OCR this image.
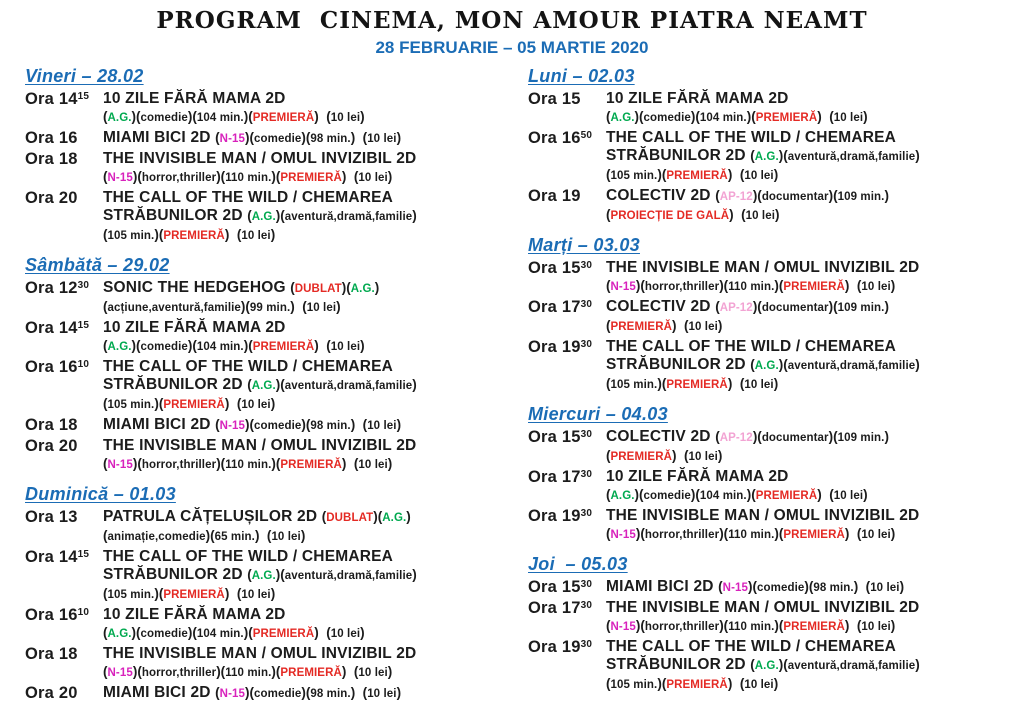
PROGRAM  CINEMA, MON AMOUR PIATRA NEAMT
28 FEBRUARIE – 05 MARTIE 2020
Vineri – 28.02
Ora $14^{15}$ 10 ZILE FĂRĂ MAMA 2D
(A.G.)(comedie)(104 min.)(PREMIERĂ)  (10 lei)
Ora 16	MIAMI BICI 2D (N-15)(comedie)(98 min.)  (10 lei)
Ora 18	THE INVISIBLE MAN / OMUL INVIZIBIL 2D
(N-15)(horror,thriller)(110 min.)(PREMIERĂ)  (10 lei)
Ora 20	THE CALL OF THE WILD / CHEMAREA
STRĂBUNILOR 2D (A.G.)(aventură,dramă,familie)
(105 min.)(PREMIERĂ)  (10 lei)
Sâmbătă – 29.02
Ora $12^{30}$ SONIC THE HEDGEHOG (DUBLAT)(A.G.)
(acțiune,aventură,familie)(99 min.)  (10 lei)
Ora $14^{15}$ 10 ZILE FĂRĂ MAMA 2D
(A.G.)(comedie)(104 min.)(PREMIERĂ)  (10 lei)
Ora $16^{10}$ THE CALL OF THE WILD / CHEMAREA
STRĂBUNILOR 2D (A.G.)(aventură,dramă,familie)
(105 min.)(PREMIERĂ)  (10 lei)
Ora 18	MIAMI BICI 2D (N-15)(comedie)(98 min.)  (10 lei)
Ora 20	THE INVISIBLE MAN / OMUL INVIZIBIL 2D
(N-15)(horror,thriller)(110 min.)(PREMIERĂ)  (10 lei)
Duminică – 01.03
Ora 13	PATRULA CĂȚELUȘILOR 2D (DUBLAT)(A.G.)
(animație,comedie)(65 min.)  (10 lei)
Ora $14^{15}$ THE CALL OF THE WILD / CHEMAREA
STRĂBUNILOR 2D (A.G.)(aventură,dramă,familie)
(105 min.)(PREMIERĂ)  (10 lei)
Ora $16^{10}$ 10 ZILE FĂRĂ MAMA 2D
(A.G.)(comedie)(104 min.)(PREMIERĂ)  (10 lei)
Ora 18	THE INVISIBLE MAN / OMUL INVIZIBIL 2D
(N-15)(horror,thriller)(110 min.)(PREMIERĂ)  (10 lei)
Ora 20	MIAMI BICI 2D (N-15)(comedie)(98 min.)  (10 lei)
Luni – 02.03
Ora 15	10 ZILE FĂRĂ MAMA 2D
(A.G.)(comedie)(104 min.)(PREMIERĂ)  (10 lei)
Ora $16^{50}$ THE CALL OF THE WILD / CHEMAREA
STRĂBUNILOR 2D (A.G.)(aventură,dramă,familie)
(105 min.)(PREMIERĂ)  (10 lei)
Ora 19	COLECTIV 2D (AP-12)(documentar)(109 min.)
(PROIECȚIE DE GALĂ)  (10 lei)
Marți – 03.03
Ora $15^{30}$ THE INVISIBLE MAN / OMUL INVIZIBIL 2D
(N-15)(horror,thriller)(110 min.)(PREMIERĂ)  (10 lei)
Ora $17^{30}$ COLECTIV 2D (AP-12)(documentar)(109 min.)
(PREMIERĂ)  (10 lei)
Ora $19^{30}$ THE CALL OF THE WILD / CHEMAREA
STRĂBUNILOR 2D (A.G.)(aventură,dramă,familie)
(105 min.)(PREMIERĂ)  (10 lei)
Miercuri – 04.03
Ora $15^{30}$ COLECTIV 2D (AP-12)(documentar)(109 min.)
(PREMIERĂ)  (10 lei)
Ora $17^{30}$ 10 ZILE FĂRĂ MAMA 2D
(A.G.)(comedie)(104 min.)(PREMIERĂ)  (10 lei)
Ora $19^{30}$ THE INVISIBLE MAN / OMUL INVIZIBIL 2D
(N-15)(horror,thriller)(110 min.)(PREMIERĂ)  (10 lei)
Joi  – 05.03
Ora $15^{30}$ MIAMI BICI 2D (N-15)(comedie)(98 min.)  (10 lei)
Ora $17^{30}$ THE INVISIBLE MAN / OMUL INVIZIBIL 2D
(N-15)(horror,thriller)(110 min.)(PREMIERĂ)  (10 lei)
Ora $19^{30}$ THE CALL OF THE WILD / CHEMAREA
STRĂBUNILOR 2D (A.G.)(aventură,dramă,familie)
(105 min.)(PREMIERĂ)  (10 lei)
